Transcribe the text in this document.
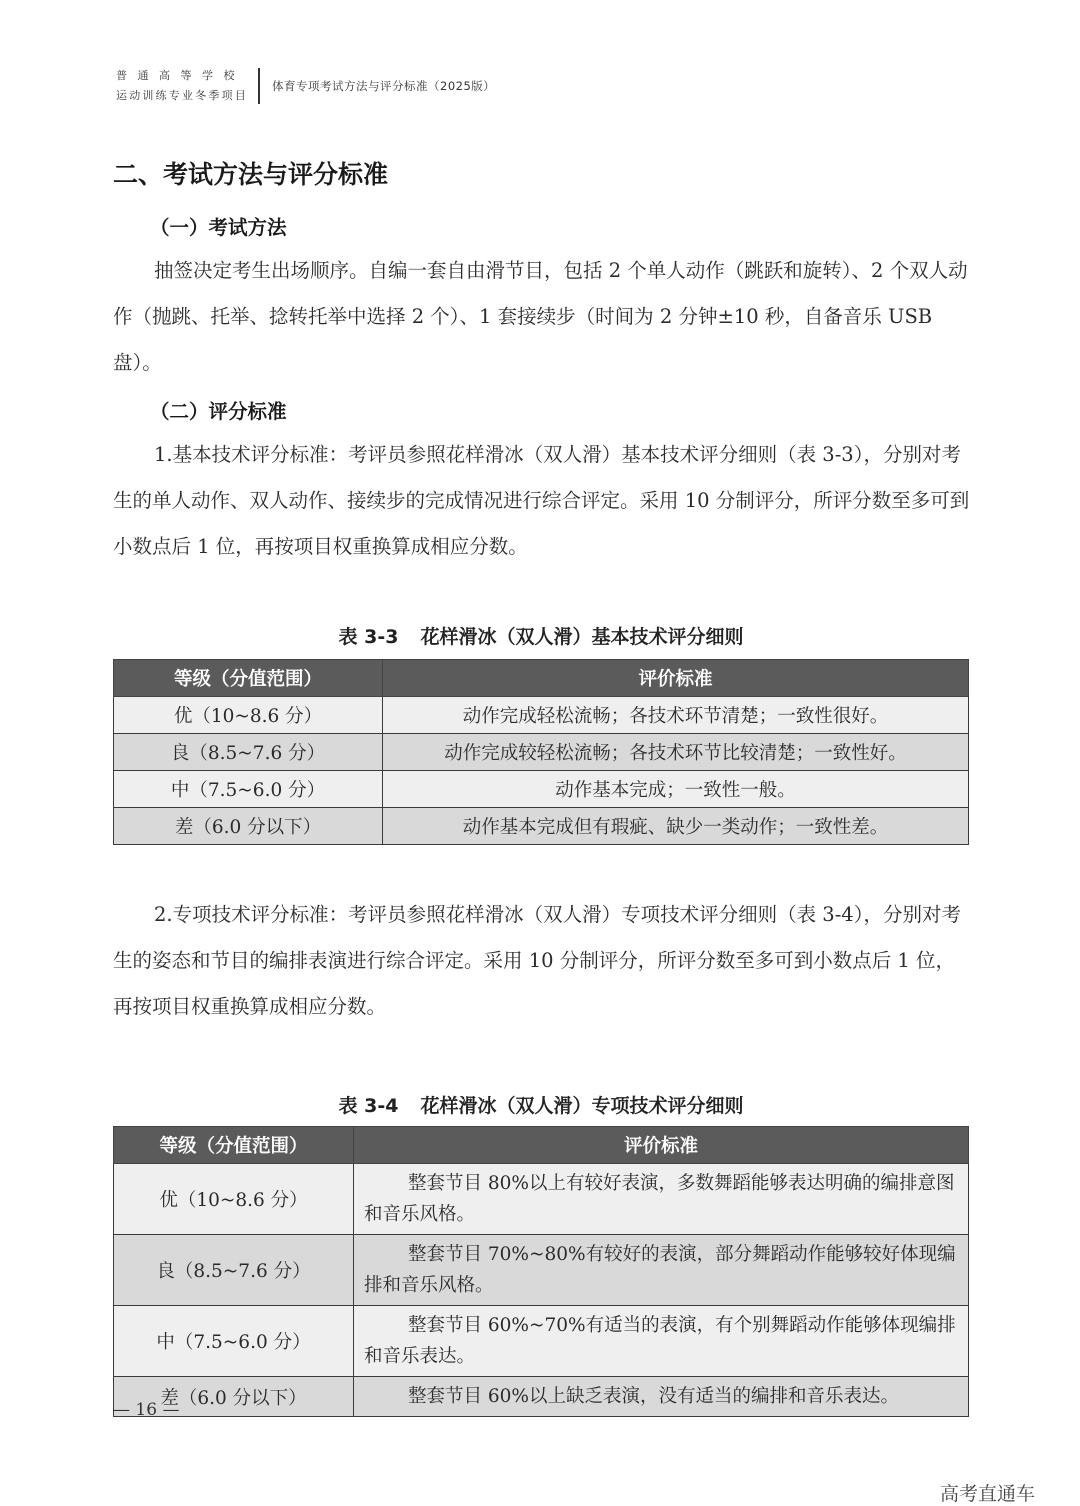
普通高等学校
运动训练专业冬季项目
体育专项考试方法与评分标准（2025版）
二、考试方法与评分标准
（一）考试方法
抽签决定考生出场顺序。自编一套自由滑节目，包括 2 个单人动作（跳跃和旋转）、2 个双人动作（抛跳、托举、捻转托举中选择 2 个）、1 套接续步（时间为 2 分钟±10 秒，自备音乐 USB 盘）。
（二）评分标准
1.基本技术评分标准：考评员参照花样滑冰（双人滑）基本技术评分细则（表 3-3），分别对考生的单人动作、双人动作、接续步的完成情况进行综合评定。采用 10 分制评分，所评分数至多可到小数点后 1 位，再按项目权重换算成相应分数。
表 3-3 花样滑冰（双人滑）基本技术评分细则
等级（分值范围）	评价标准
优（10~8.6 分）	动作完成轻松流畅；各技术环节清楚；一致性很好。
良（8.5~7.6 分）	动作完成较轻松流畅；各技术环节比较清楚；一致性好。
中（7.5~6.0 分）	动作基本完成；一致性一般。
差（6.0 分以下）	动作基本完成但有瑕疵、缺少一类动作；一致性差。
2.专项技术评分标准：考评员参照花样滑冰（双人滑）专项技术评分细则（表 3-4），分别对考生的姿态和节目的编排表演进行综合评定。采用 10 分制评分，所评分数至多可到小数点后 1 位，再按项目权重换算成相应分数。
表 3-4 花样滑冰（双人滑）专项技术评分细则
等级（分值范围）	评价标准
优（10~8.6 分）	整套节目 80%以上有较好表演，多数舞蹈能够表达明确的编排意图和音乐风格。
良（8.5~7.6 分）	整套节目 70%~80%有较好的表演，部分舞蹈动作能够较好体现编排和音乐风格。
中（7.5~6.0 分）	整套节目 60%~70%有适当的表演，有个别舞蹈动作能够体现编排和音乐表达。
差（6.0 分以下）	整套节目 60%以上缺乏表演，没有适当的编排和音乐表达。
— 16 —
高考直通车
